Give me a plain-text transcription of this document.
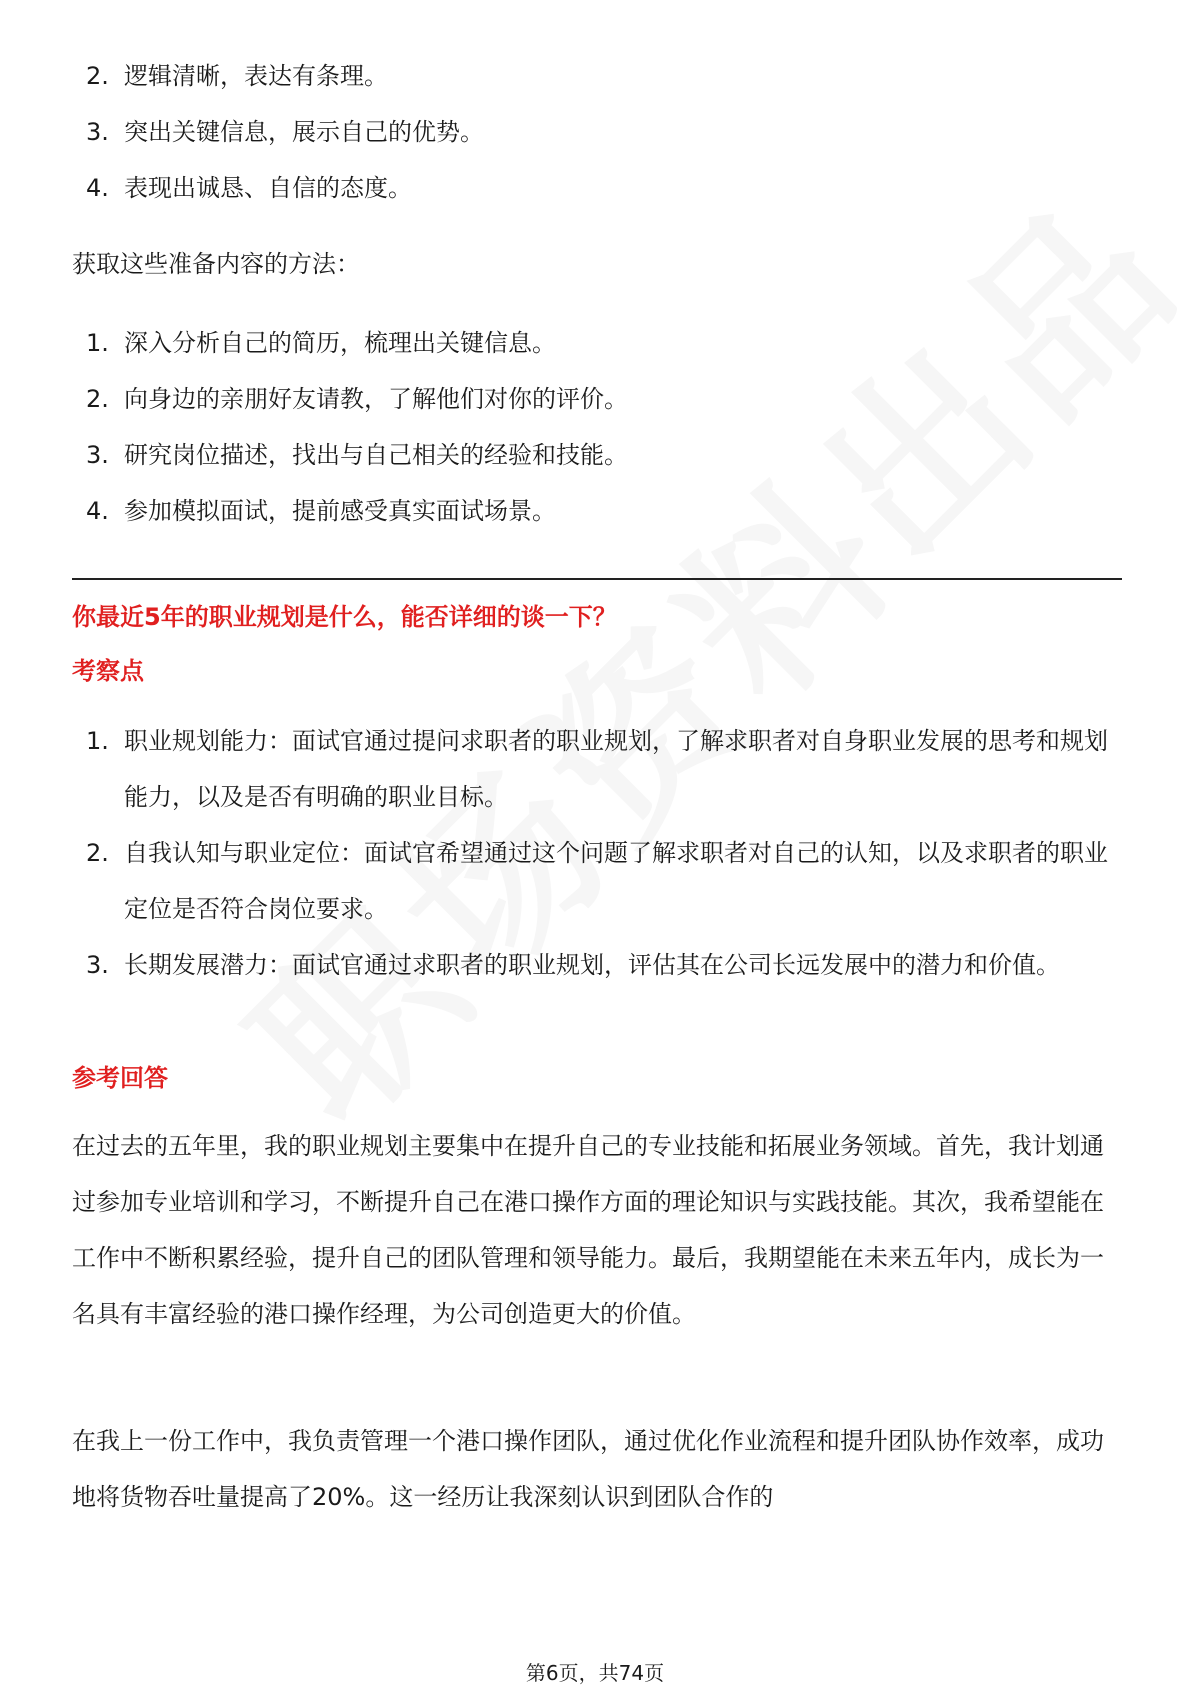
2. 逻辑清晰，表达有条理。
3. 突出关键信息，展示自己的优势。
4. 表现出诚恳、自信的态度。

获取这些准备内容的方法：

1. 深入分析自己的简历，梳理出关键信息。
2. 向身边的亲朋好友请教，了解他们对你的评价。
3. 研究岗位描述，找出与自己相关的经验和技能。
4. 参加模拟面试，提前感受真实面试场景。

你最近5年的职业规划是什么，能否详细的谈一下？

考察点

1. 职业规划能力：面试官通过提问求职者的职业规划，了解求职者对自身职业发展的思考和规划能力，以及是否有明确的职业目标。
2. 自我认知与职业定位：面试官希望通过这个问题了解求职者对自己的认知，以及求职者的职业定位是否符合岗位要求。
3. 长期发展潜力：面试官通过求职者的职业规划，评估其在公司长远发展中的潜力和价值。

参考回答

在过去的五年里，我的职业规划主要集中在提升自己的专业技能和拓展业务领域。首先，我计划通过参加专业培训和学习，不断提升自己在港口操作方面的理论知识与实践技能。其次，我希望能在工作中不断积累经验，提升自己的团队管理和领导能力。最后，我期望能在未来五年内，成长为一名具有丰富经验的港口操作经理，为公司创造更大的价值。

在我上一份工作中，我负责管理一个港口操作团队，通过优化作业流程和提升团队协作效率，成功地将货物吞吐量提高了20%。这一经历让我深刻认识到团队合作的

第6页，共74页
